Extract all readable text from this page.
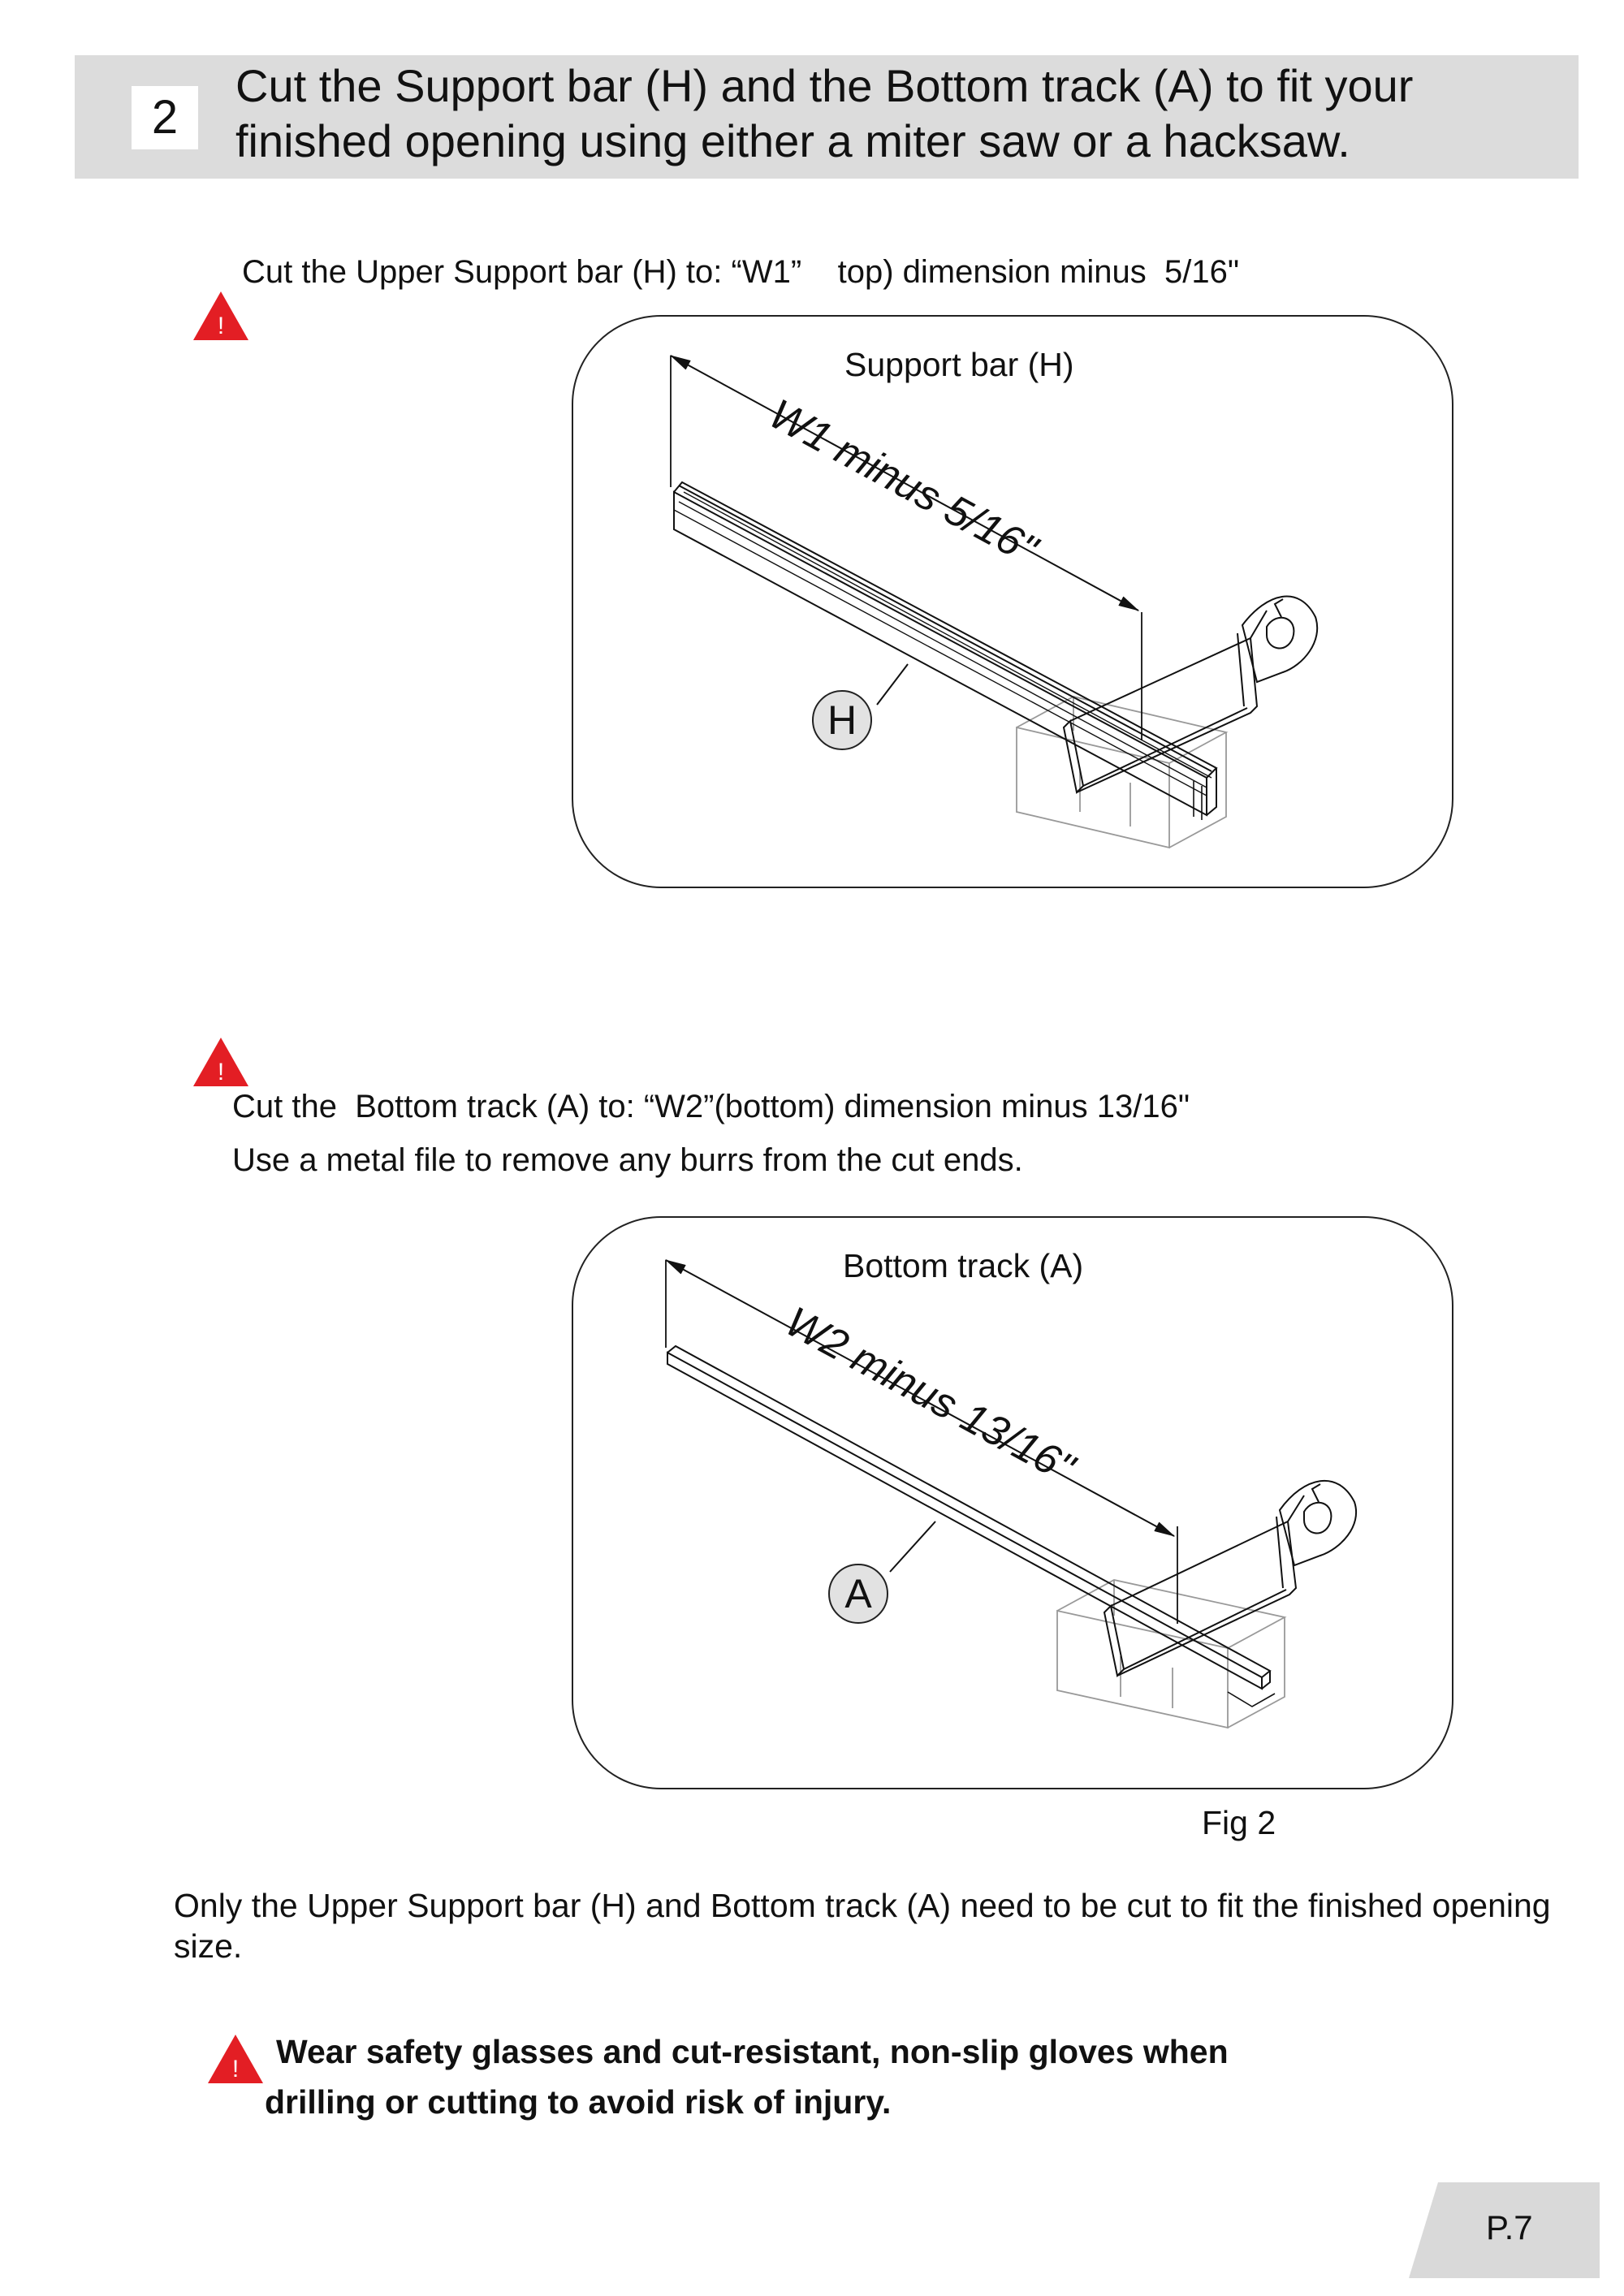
2
Cut the Support bar (H) and the Bottom track (A) to fit your finished opening using either a miter saw or a hacksaw.
Cut the Upper Support bar (H) to: “W1”    top) dimension minus  5/16"
!
!
Cut the  Bottom track (A) to: “W2”(bottom) dimension minus 13/16"
Use a metal file to remove any burrs from the cut ends.
Support bar (H)
W1 minus 5/16"
H
Bottom track (A)
W2 minus 13/16"
A
Fig 2
Only the Upper Support bar (H) and Bottom track (A) need to be cut to fit the finished opening size.
! Wear safety glasses and cut-resistant, non-slip gloves when
drilling or cutting to avoid risk of injury.
P.7
